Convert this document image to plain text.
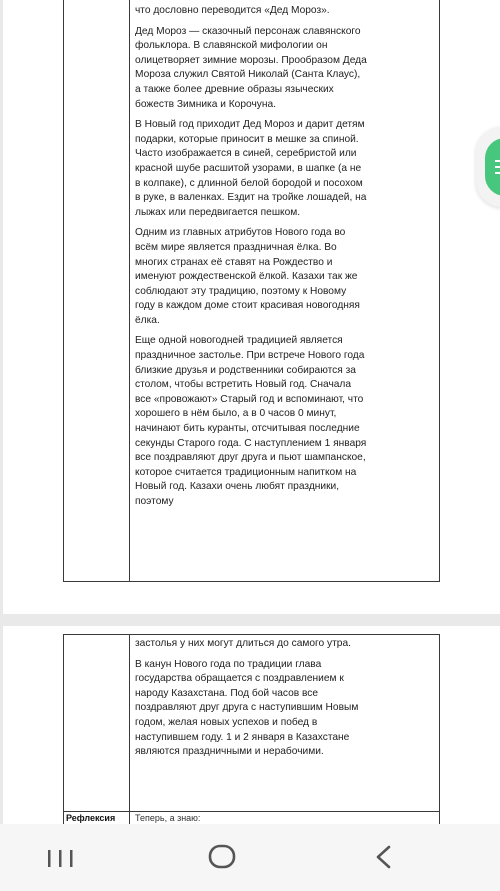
что дословно переводится «Дед Мороз».

Дед Мороз — сказочный персонаж славянского фольклора. В славянской мифологии он олицетворяет зимние морозы. Прообразом Деда Мороза служил Святой Николай (Санта Клаус), а также более древние образы языческих божеств Зимника и Корочуна.

В Новый год приходит Дед Мороз и дарит детям подарки, которые приносит в мешке за спиной. Часто изображается в синей, серебристой или красной шубе расшитой узорами, в шапке (а не в колпаке), с длинной белой бородой и посохом в руке, в валенках. Ездит на тройке лошадей, на лыжах или передвигается пешком.

Одним из главных атрибутов Нового года во всём мире является праздничная ёлка. Во многих странах её ставят на Рождество и именуют рождественской ёлкой. Казахи так же соблюдают эту традицию, поэтому к Новому году в каждом доме стоит красивая новогодняя ёлка.

Еще одной новогодней традицией является праздничное застолье. При встрече Нового года близкие друзья и родственники собираются за столом, чтобы встретить Новый год. Сначала все «провожают» Старый год и вспоминают, что хорошего в нём было, а в 0 часов 0 минут, начинают бить куранты, отсчитывая последние секунды Старого года. С наступлением 1 января все поздравляют друг друга и пьют шампанское, которое считается традиционным напитком на Новый год. Казахи очень любят праздники, поэтому

застолья у них могут длиться до самого утра.

В канун Нового года по традиции глава государства обращается с поздравлением к народу Казахстана. Под бой часов все поздравляют друг друга с наступившим Новым годом, желая новых успехов и побед в наступившем году. 1 и 2 января в Казахстане являются праздничными и нерабочими.

Рефлексия Теперь, а знаю:
